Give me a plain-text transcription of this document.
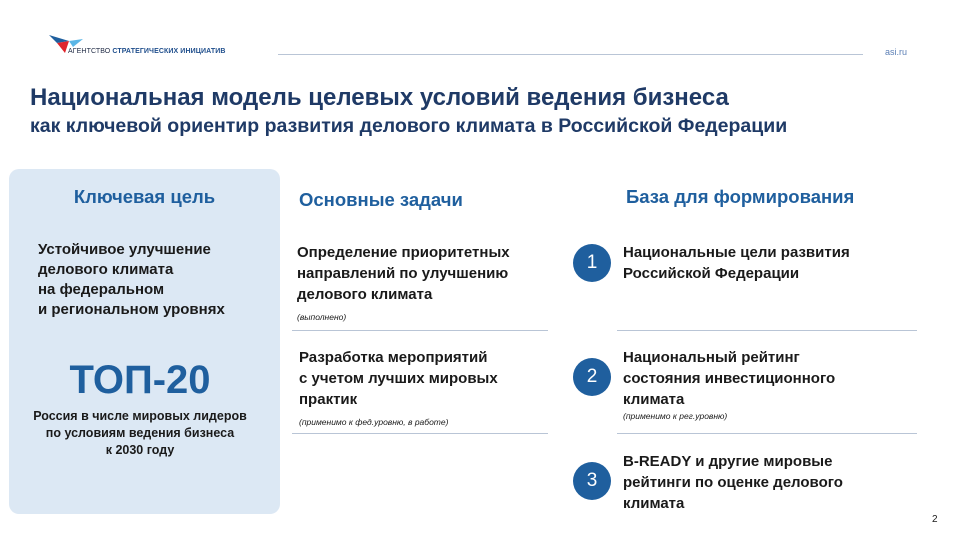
АГЕНТСТВО СТРАТЕГИЧЕСКИХ ИНИЦИАТИВ	asi.ru
Национальная модель целевых условий ведения бизнеса
как ключевой ориентир развития делового климата в Российской Федерации
Ключевая цель
Устойчивое улучшение
делового климата
на федеральном
и региональном уровнях
ТОП-20
Россия в числе мировых лидеров
по условиям ведения бизнеса
к 2030 году
Основные задачи
Определение приоритетных
направлений по улучшению
делового климата
(выполнено)
Разработка мероприятий
с учетом лучших мировых
практик
(применимо к фед.уровню, в работе)
База для формирования
1	Национальные цели развития
Российской Федерации
2
Национальный рейтинг
состояния инвестиционного
климата
(применимо к рег.уровню)
3
B-READY и другие мировые
рейтинги по оценке делового
климата
2
